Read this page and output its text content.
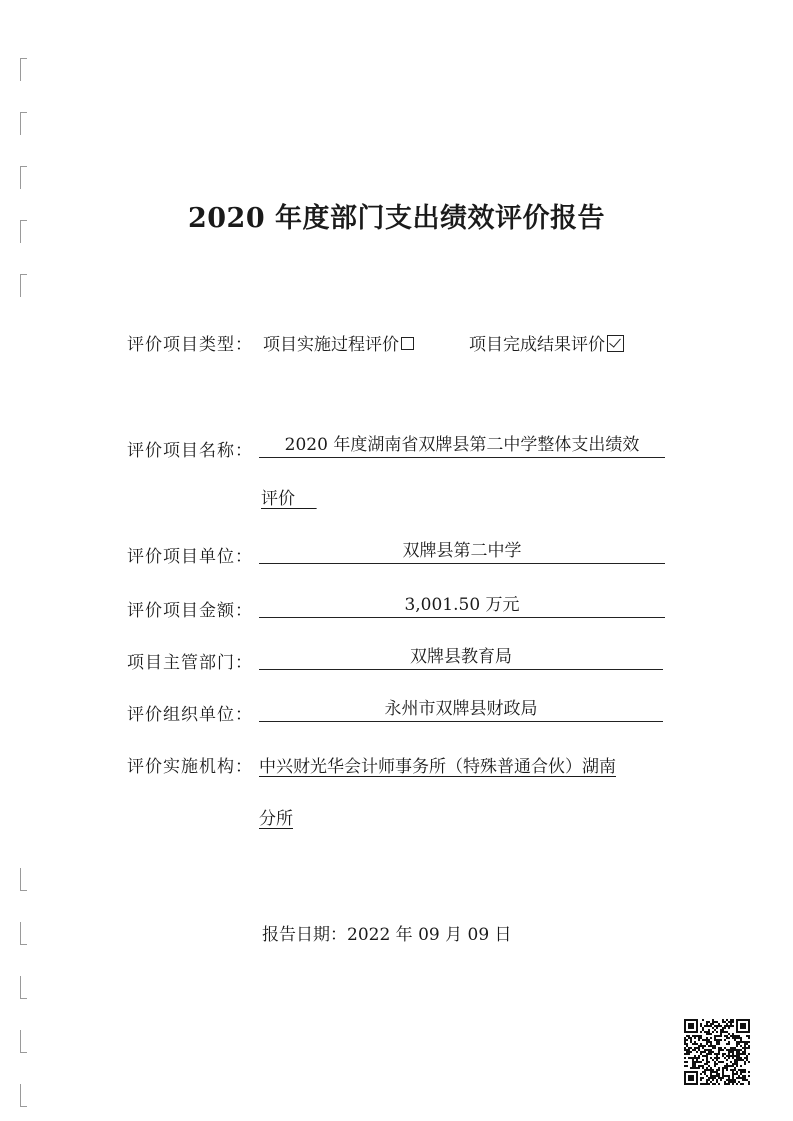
2020 年度部门支出绩效评价报告
评价项目类型： 项目实施过程评价	项目完成结果评价
评价项目名称：	2020 年度湖南省双牌县第二中学整体支出绩效
评价
评价项目单位：	双牌县第二中学
评价项目金额：	3,001.50 万元
项目主管部门：	双牌县教育局
评价组织单位：	永州市双牌县财政局
评价实施机构： 中兴财光华会计师事务所（特殊普通合伙）湖南
分所
报告日期：2022 年 09 月 09 日
